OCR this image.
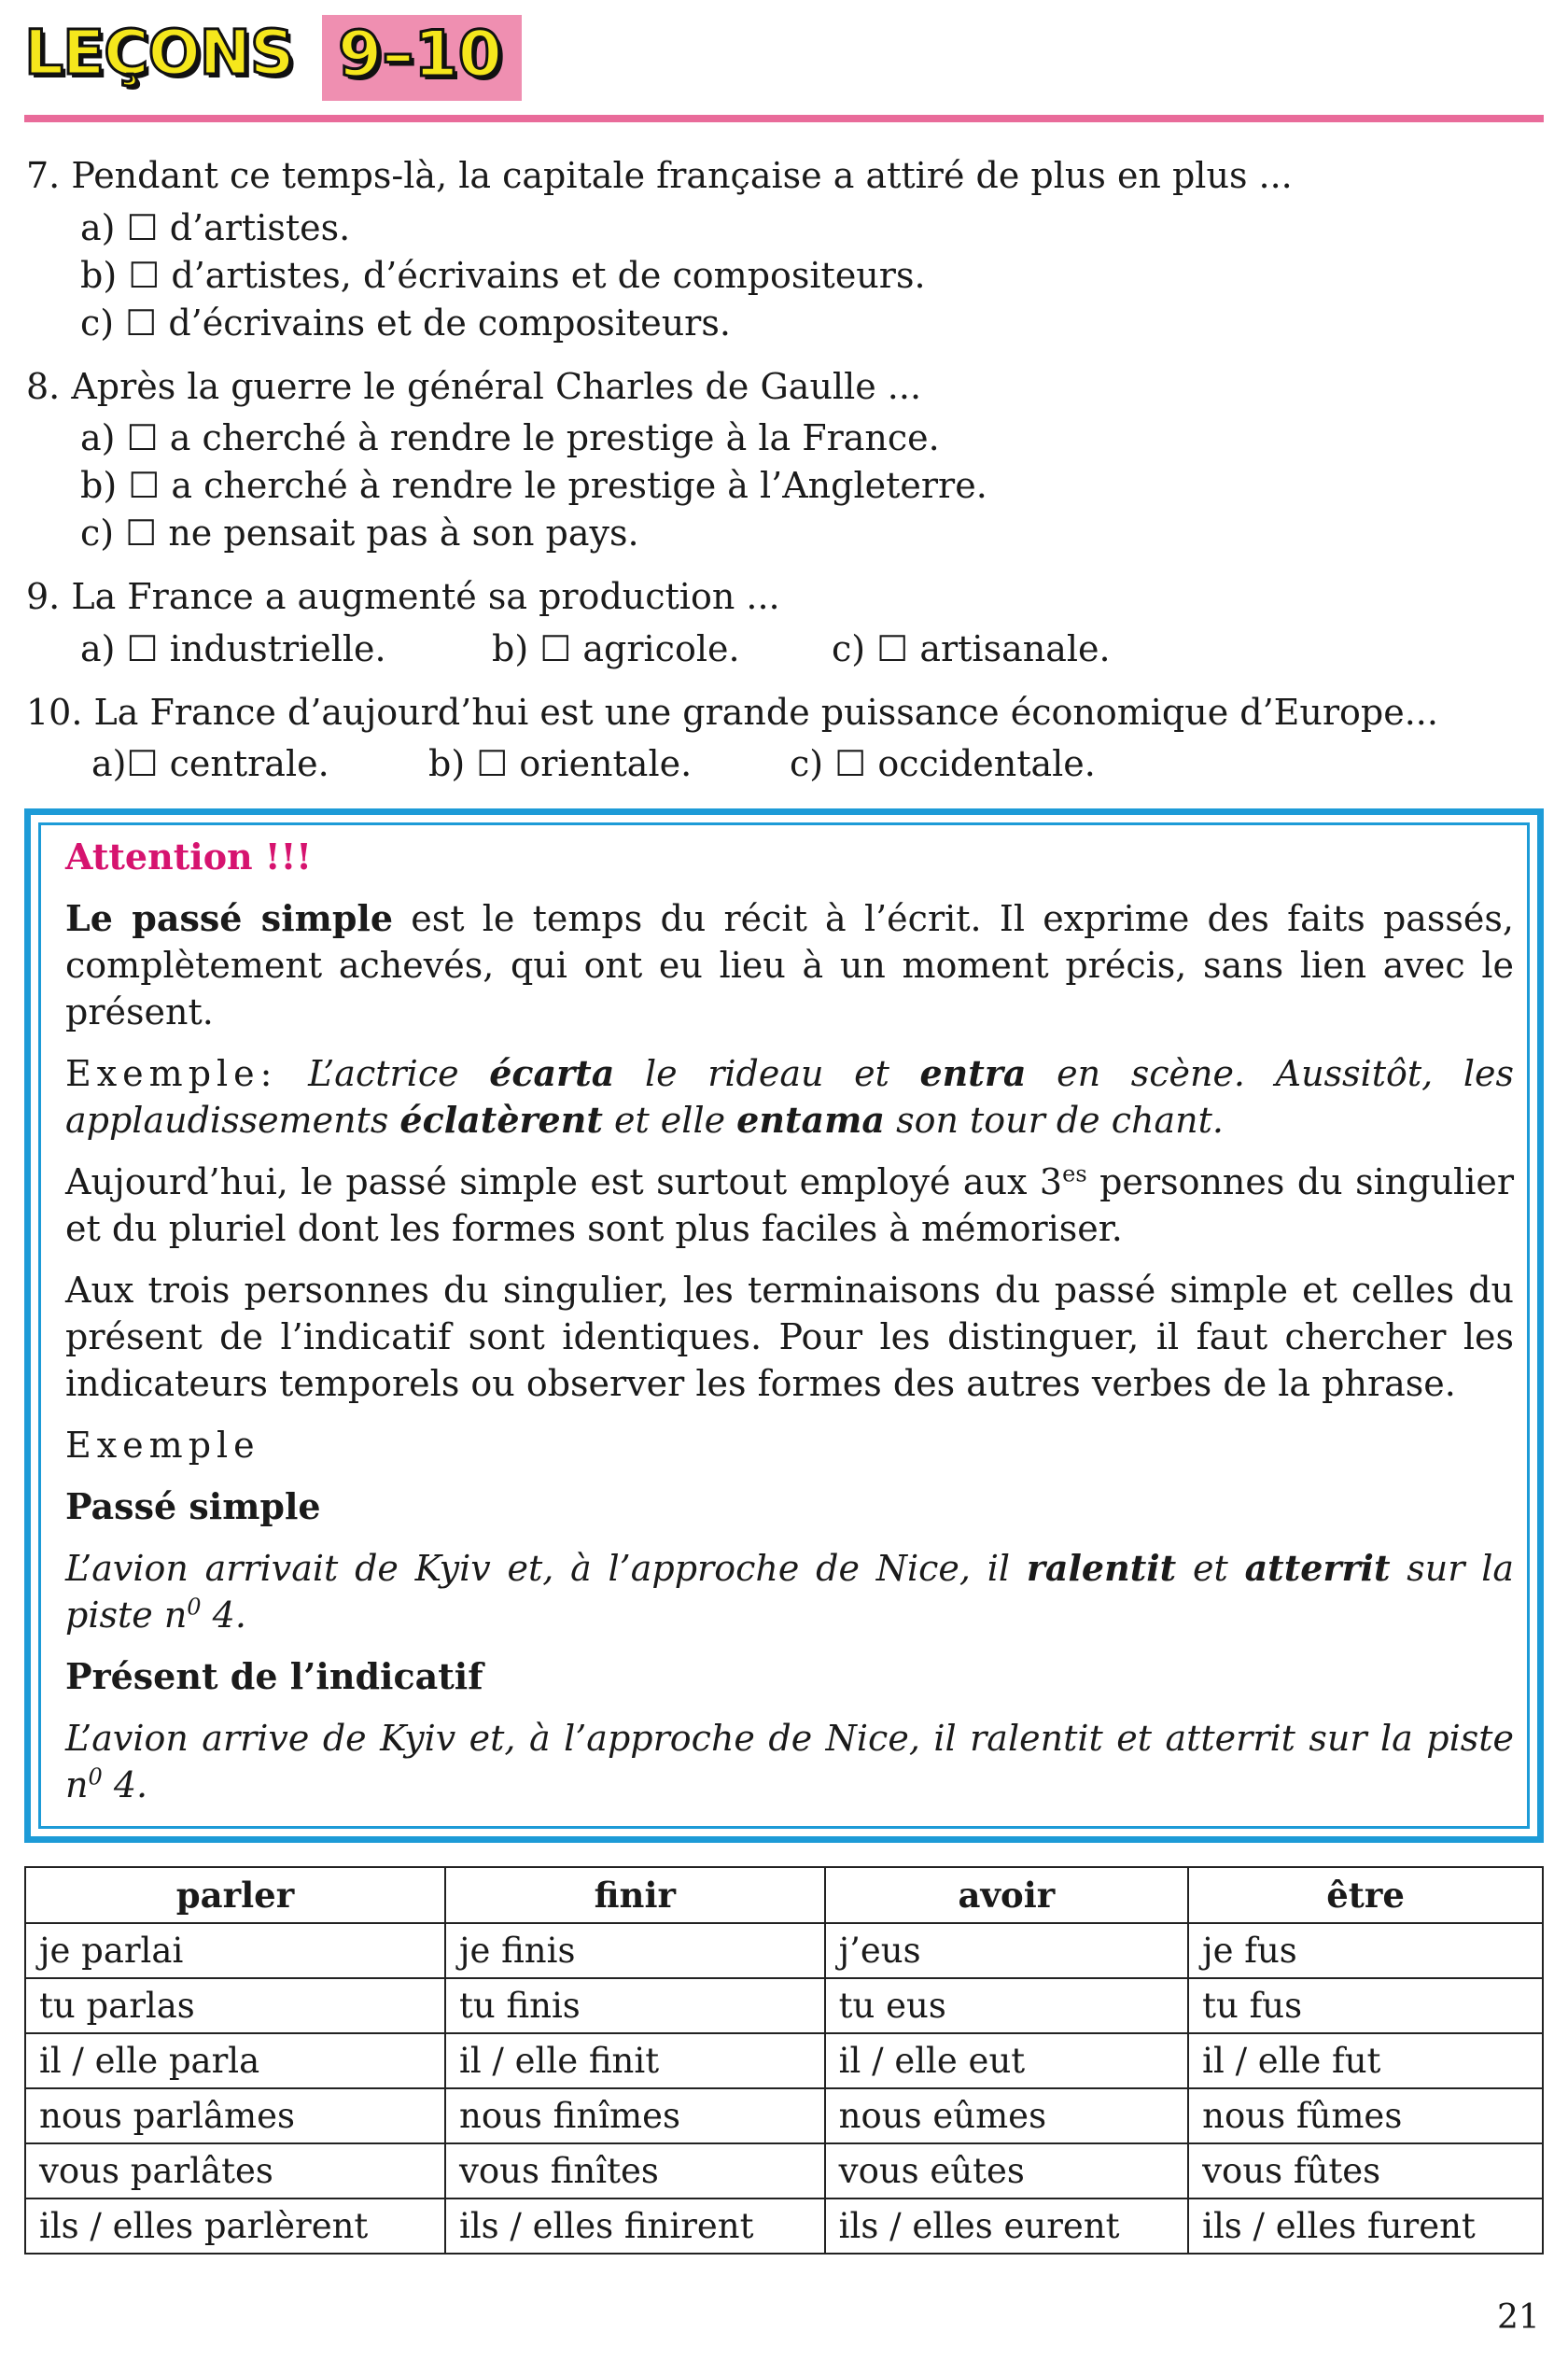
LEÇONS 9–10
7. Pendant ce temps-là, la capitale française a attiré de plus en plus ...
a) ☐ d’artistes.
b) ☐ d’artistes, d’écrivains et de compositeurs.
c) ☐ d’écrivains et de compositeurs.
8. Après la guerre le général Charles de Gaulle ...
a) ☐ a cherché à rendre le prestige à la France.
b) ☐ a cherché à rendre le prestige à l’Angleterre.
c) ☐ ne pensait pas à son pays.
9. La France a augmenté sa production ...
a) ☐ industrielle.	b) ☐ agricole.	c) ☐ artisanale.
10. La France d’aujourd’hui est une grande puissance économique d’Europe...
a)☐ centrale.	b) ☐ orientale.	c) ☐ occidentale.
Attention !!!
Le passé simple est le temps du récit à l’écrit. Il exprime des faits passés, complètement achevés, qui ont eu lieu à un moment précis, sans lien avec le présent.
Exemple: L’actrice écarta le rideau et entra en scène. Aussitôt, les applaudissements éclatèrent et elle entama son tour de chant.
Aujourd’hui, le passé simple est surtout employé aux $3^{es}$ personnes du singulier et du pluriel dont les formes sont plus faciles à mémoriser.
Aux trois personnes du singulier, les terminaisons du passé simple et celles du présent de l’indicatif sont identiques. Pour les distinguer, il faut chercher les indicateurs temporels ou observer les formes des autres verbes de la phrase.
Exemple
Passé simple
L’avion arrivait de Kyiv et, à l’approche de Nice, il ralentit et atterrit sur la piste $n^0$ 4.
Présent de l’indicatif
L’avion arrive de Kyiv et, à l’approche de Nice, il ralentit et atterrit sur la piste $n^0$ 4.
parler	finir	avoir	être
je parlai	je finis	j’eus	je fus
tu parlas	tu finis	tu eus	tu fus
il / elle parla	il / elle finit	il / elle eut	il / elle fut
nous parlâmes	nous finîmes	nous eûmes	nous fûmes
vous parlâtes	vous finîtes	vous eûtes	vous fûtes
ils / elles parlèrent	ils / elles finirent	ils / elles eurent	ils / elles furent
21
